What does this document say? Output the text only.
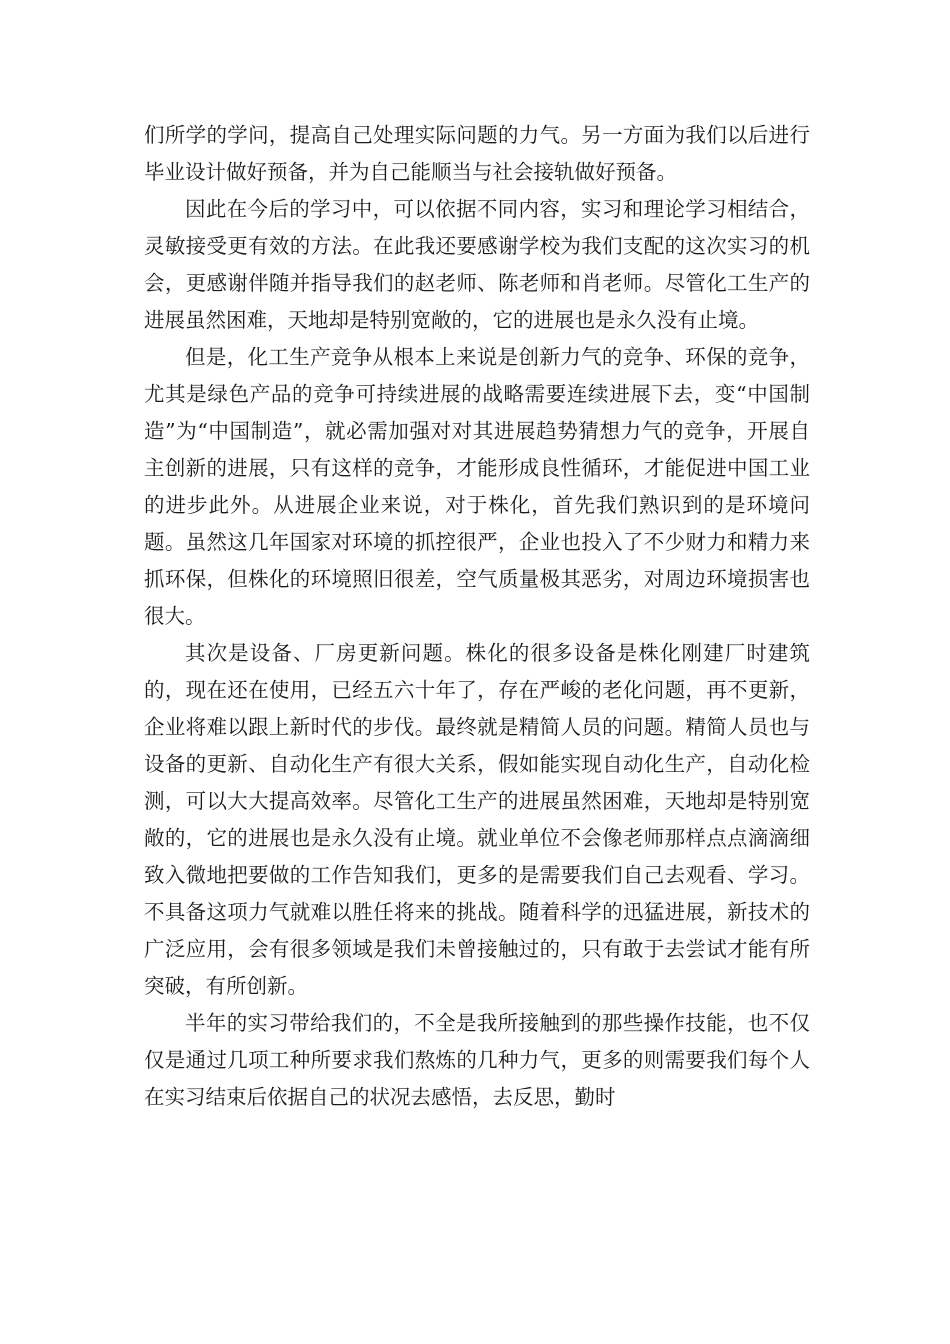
们所学的学问，提高自己处理实际问题的力气。另一方面为我们以后进行毕业设计做好预备，并为自己能顺当与社会接轨做好预备。

因此在今后的学习中，可以依据不同内容，实习和理论学习相结合，灵敏接受更有效的方法。在此我还要感谢学校为我们支配的这次实习的机会，更感谢伴随并指导我们的赵老师、陈老师和肖老师。尽管化工生产的进展虽然困难，天地却是特别宽敞的，它的进展也是永久没有止境。

但是，化工生产竞争从根本上来说是创新力气的竞争、环保的竞争，尤其是绿色产品的竞争可持续进展的战略需要连续进展下去，变“中国制造”为“中国制造”，就必需加强对对其进展趋势猜想力气的竞争，开展自主创新的进展，只有这样的竞争，才能形成良性循环，才能促进中国工业的进步此外。从进展企业来说，对于株化，首先我们熟识到的是环境问题。虽然这几年国家对环境的抓控很严，企业也投入了不少财力和精力来抓环保，但株化的环境照旧很差，空气质量极其恶劣，对周边环境损害也很大。

其次是设备、厂房更新问题。株化的很多设备是株化刚建厂时建筑的，现在还在使用，已经五六十年了，存在严峻的老化问题，再不更新，企业将难以跟上新时代的步伐。最终就是精简人员的问题。精简人员也与设备的更新、自动化生产有很大关系，假如能实现自动化生产，自动化检测，可以大大提高效率。尽管化工生产的进展虽然困难，天地却是特别宽敞的，它的进展也是永久没有止境。就业单位不会像老师那样点点滴滴细致入微地把要做的工作告知我们，更多的是需要我们自己去观看、学习。不具备这项力气就难以胜任将来的挑战。随着科学的迅猛进展，新技术的广泛应用，会有很多领域是我们未曾接触过的，只有敢于去尝试才能有所突破，有所创新。

半年的实习带给我们的，不全是我所接触到的那些操作技能，也不仅仅是通过几项工种所要求我们熬炼的几种力气，更多的则需要我们每个人在实习结束后依据自己的状况去感悟，去反思，勤时
